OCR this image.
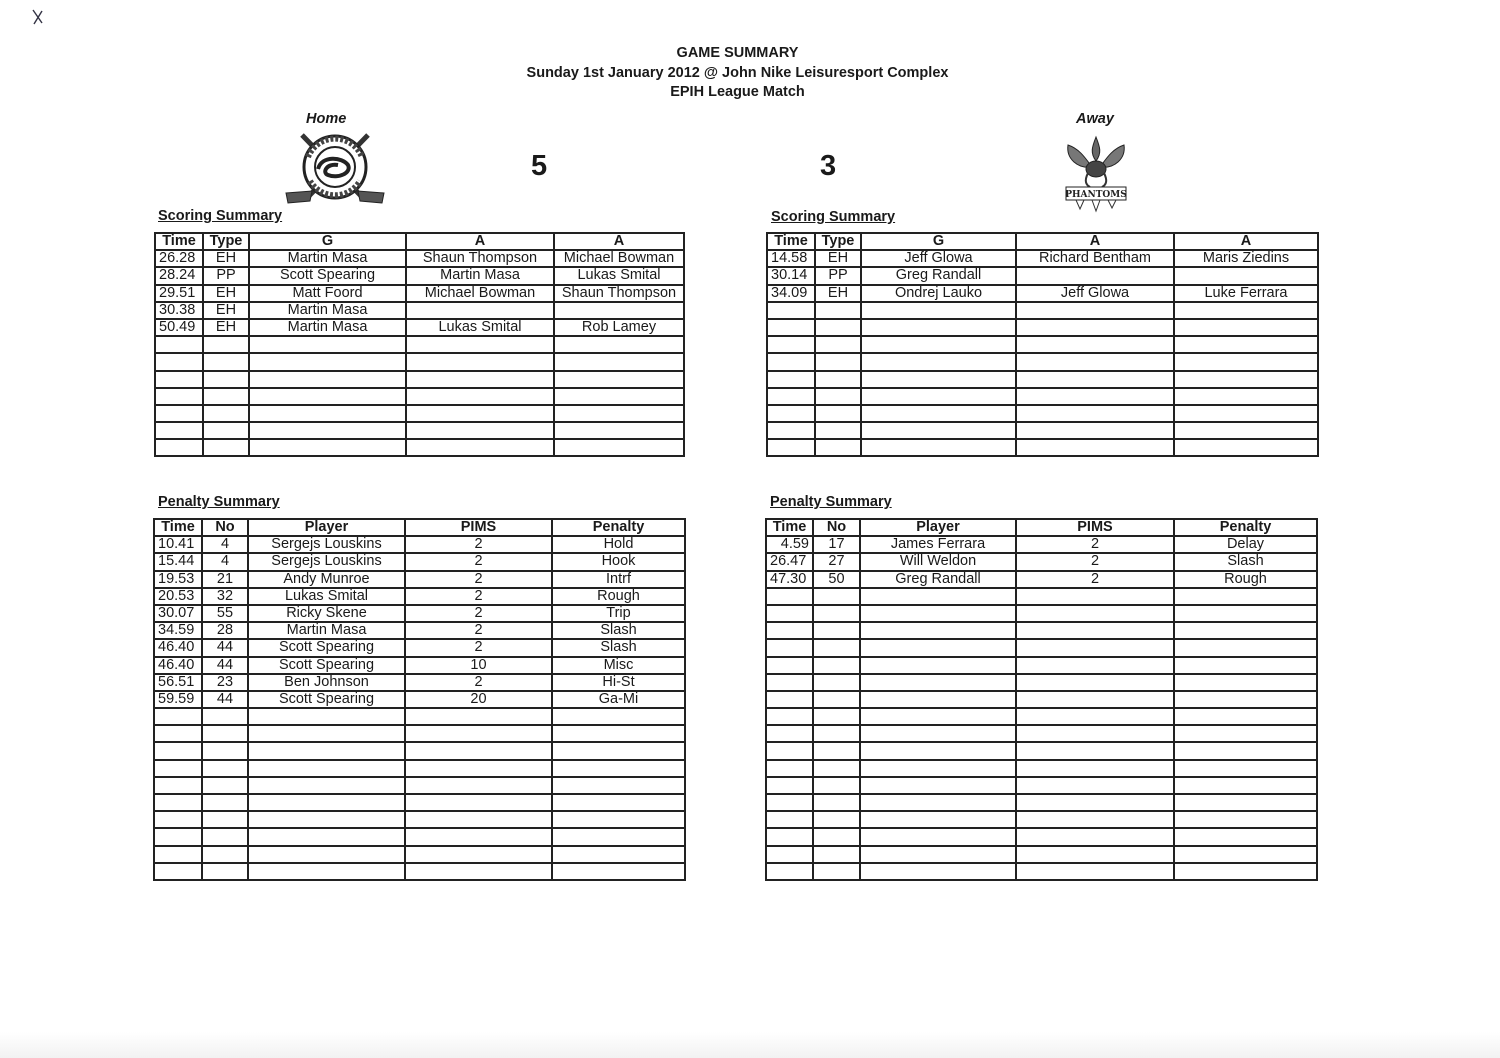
GAME SUMMARY
Sunday 1st January 2012 @ John Nike Leisuresport Complex
EPIH League Match
Home
5
Away
PHANTOMS
3
Scoring Summary	Scoring Summary
Penalty Summary	Penalty Summary
Time	Type	G	A	A
26.28	EH	Martin Masa	Shaun Thompson	Michael Bowman
28.24	PP	Scott Spearing	Martin Masa	Lukas Smital
29.51	EH	Matt Foord	Michael Bowman	Shaun Thompson
30.38	EH	Martin Masa		
50.49	EH	Martin Masa	Lukas Smital	Rob Lamey

Time	Type	G	A	A
14.58	EH	Jeff Glowa	Richard Bentham	Maris Ziedins
30.14	PP	Greg Randall		
34.09	EH	Ondrej Lauko	Jeff Glowa	Luke Ferrara

Time	No	Player	PIMS	Penalty
10.41	4	Sergejs Louskins	2	Hold
15.44	4	Sergejs Louskins	2	Hook
19.53	21	Andy Munroe	2	Intrf
20.53	32	Lukas Smital	2	Rough
30.07	55	Ricky Skene	2	Trip
34.59	28	Martin Masa	2	Slash
46.40	44	Scott Spearing	2	Slash
46.40	44	Scott Spearing	10	Misc
56.51	23	Ben Johnson	2	Hi-St
59.59	44	Scott Spearing	20	Ga-Mi

Time	No	Player	PIMS	Penalty
4.59	17	James Ferrara	2	Delay
26.47	27	Will Weldon	2	Slash
47.30	50	Greg Randall	2	Rough
